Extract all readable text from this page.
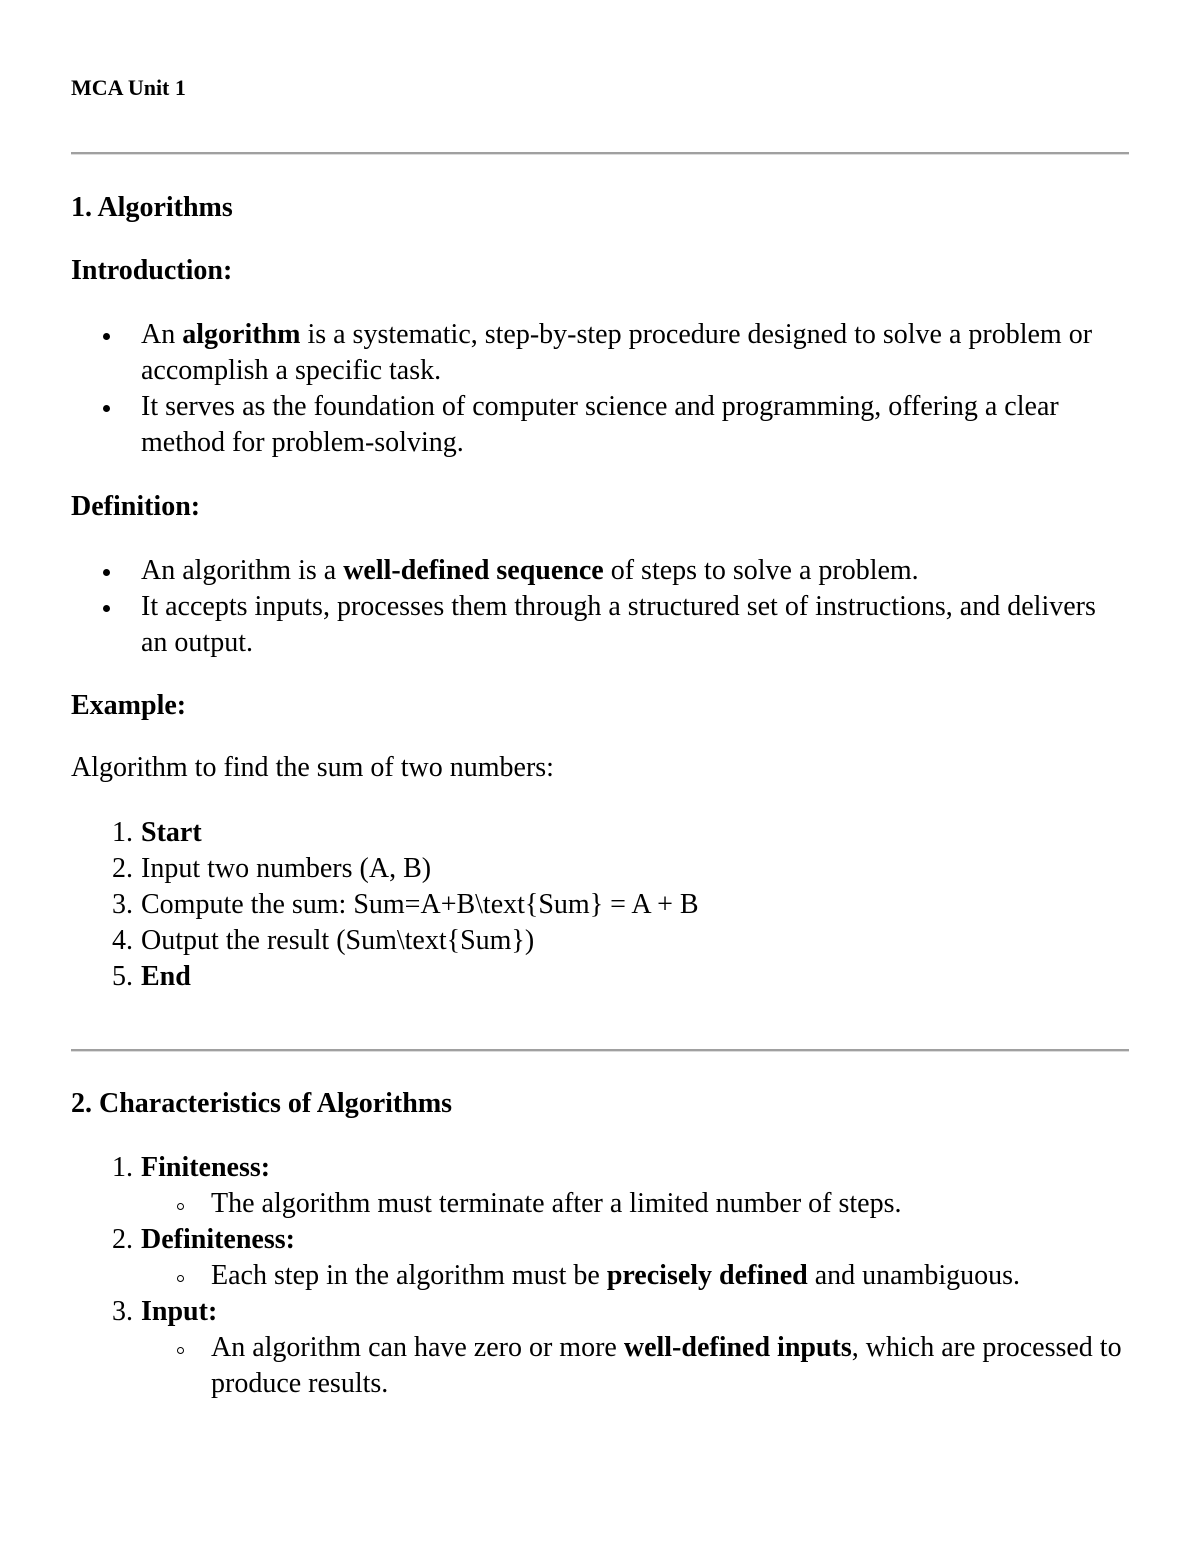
MCA Unit 1

1. Algorithms
Introduction:
An algorithm is a systematic, step-by-step procedure designed to solve a problem or accomplish a specific task.
It serves as the foundation of computer science and programming, offering a clear method for problem-solving.
Definition:
An algorithm is a well-defined sequence of steps to solve a problem.
It accepts inputs, processes them through a structured set of instructions, and delivers an output.
Example:

Algorithm to find the sum of two numbers:

1. Start
2. Input two numbers (A, B)
3. Compute the sum: Sum=A+B\text{Sum} = A + B
4. Output the result (Sum\text{Sum})
5. End
2. Characteristics of Algorithms
1. Finiteness:
The algorithm must terminate after a limited number of steps.
2. Definiteness:
Each step in the algorithm must be precisely defined and unambiguous.
3. Input:
An algorithm can have zero or more well-defined inputs, which are processed to produce results.
